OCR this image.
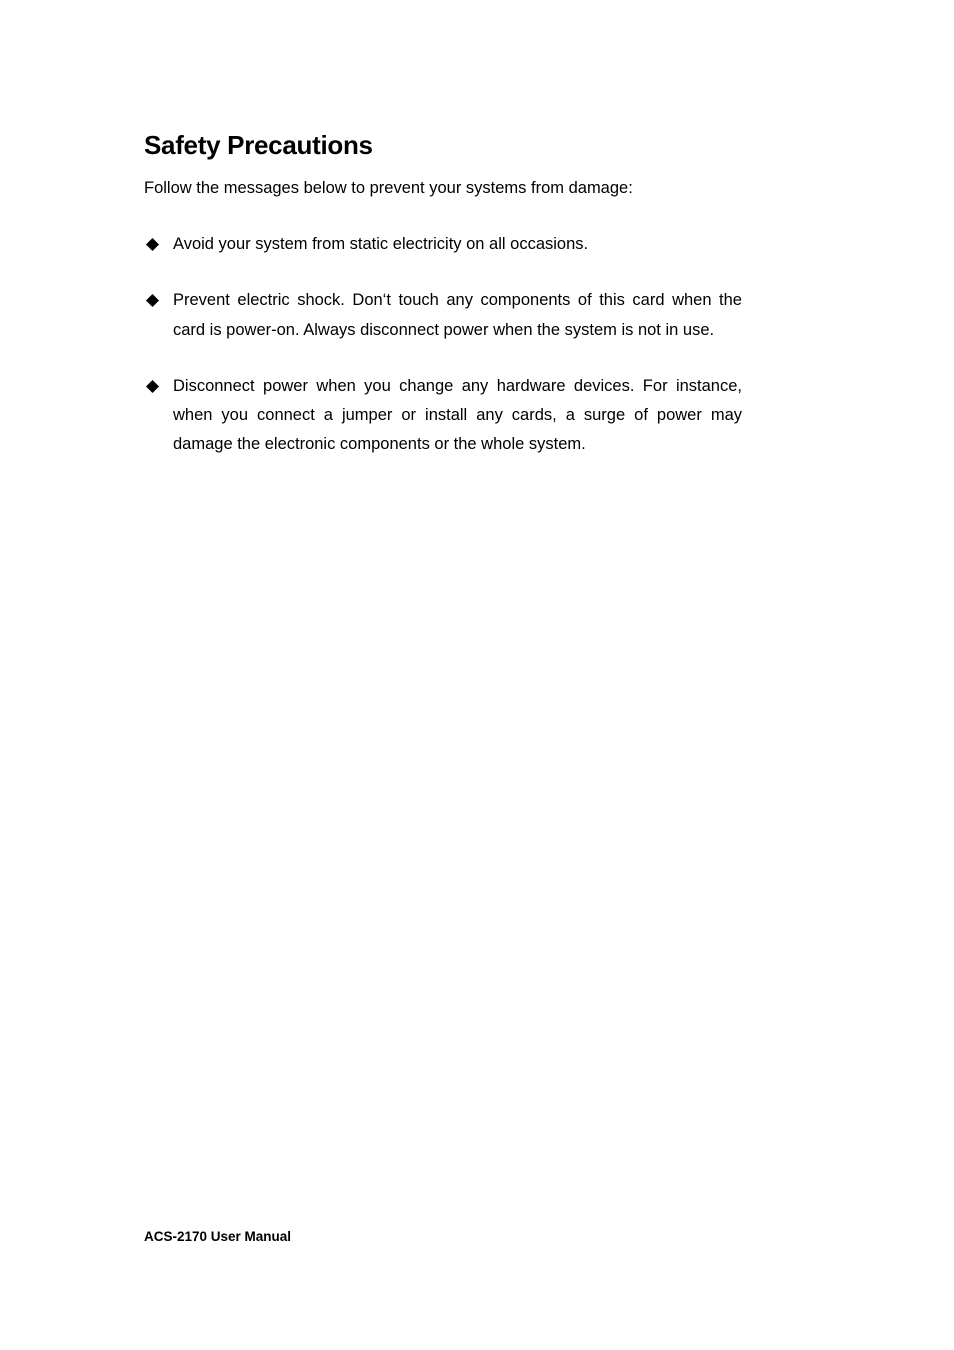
Safety Precautions

Follow the messages below to prevent your systems from damage:

Avoid your system from static electricity on all occasions.
Prevent electric shock. Don‘t touch any components of this card when the card is power-on. Always disconnect power when the system is not in use.
Disconnect power when you change any hardware devices. For instance, when you connect a jumper or install any cards, a surge of power may damage the electronic components or the whole system.

ACS-2170 User Manual
